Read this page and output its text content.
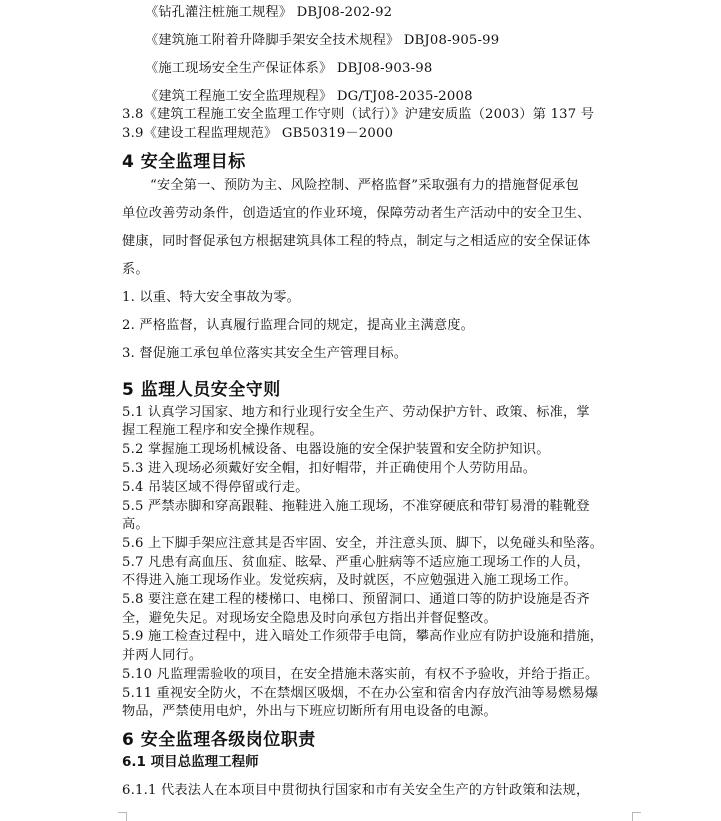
《钻孔灌注桩施工规程》 DBJ08-202-92
《建筑施工附着升降脚手架安全技术规程》 DBJ08-905-99
《施工现场安全生产保证体系》 DBJ08-903-98
《建筑工程施工安全监理规程》 DG/TJ08-2035-2008
3.8《建筑工程施工安全监理工作守则（试行）》沪建安质监（2003）第 137 号
3.9《建设工程监理规范》 GB50319－2000
4 安全监理目标
“安全第一、预防为主、风险控制、严格监督”采取强有力的措施督促承包
单位改善劳动条件，创造适宜的作业环境，保障劳动者生产活动中的安全卫生、
健康，同时督促承包方根据建筑具体工程的特点，制定与之相适应的安全保证体
系。
1. 以重、特大安全事故为零。
2. 严格监督，认真履行监理合同的规定，提高业主满意度。
3. 督促施工承包单位落实其安全生产管理目标。
5 监理人员安全守则
5.1 认真学习国家、地方和行业现行安全生产、劳动保护方针、政策、标准，掌
握工程施工程序和安全操作规程。
5.2 掌握施工现场机械设备、电器设施的安全保护装置和安全防护知识。
5.3 进入现场必须戴好安全帽，扣好帽带，并正确使用个人劳防用品。
5.4 吊装区域不得停留或行走。
5.5 严禁赤脚和穿高跟鞋、拖鞋进入施工现场，不准穿硬底和带钉易滑的鞋靴登
高。
5.6 上下脚手架应注意其是否牢固、安全，并注意头顶、脚下，以免碰头和坠落。
5.7 凡患有高血压、贫血症、眩晕、严重心脏病等不适应施工现场工作的人员，
不得进入施工现场作业。发觉疾病，及时就医，不应勉强进入施工现场工作。
5.8 要注意在建工程的楼梯口、电梯口、预留洞口、通道口等的防护设施是否齐
全，避免失足。对现场安全隐患及时向承包方指出并督促整改。
5.9 施工检查过程中，进入暗处工作须带手电筒，攀高作业应有防护设施和措施，
并两人同行。
5.10 凡监理需验收的项目，在安全措施未落实前，有权不予验收，并给于指正。
5.11 重视安全防火，不在禁烟区吸烟，不在办公室和宿舍内存放汽油等易燃易爆
物品，严禁使用电炉，外出与下班应切断所有用电设备的电源。
6 安全监理各级岗位职责
6.1 项目总监理工程师
6.1.1 代表法人在本项目中贯彻执行国家和市有关安全生产的方针政策和法规，
